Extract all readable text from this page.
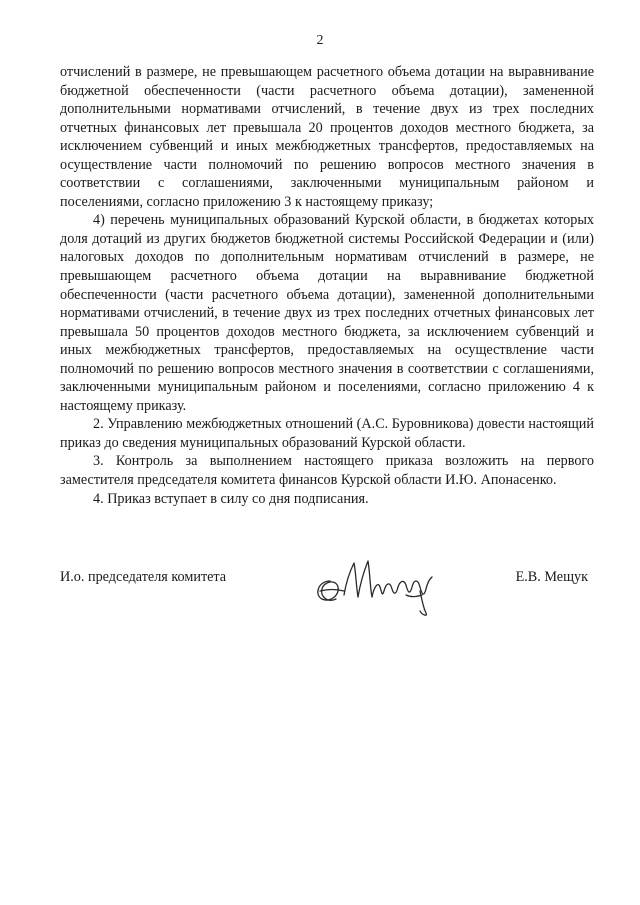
2

отчислений в размере, не превышающем расчетного объема дотации на выравнивание бюджетной обеспеченности (части расчетного объема дотации), замененной дополнительными нормативами отчислений, в течение двух из трех последних отчетных финансовых лет превышала 20 процентов доходов местного бюджета, за исключением субвенций и иных межбюджетных трансфертов, предоставляемых на осуществление части полномочий по решению вопросов местного значения в соответствии с соглашениями, заключенными муниципальным районом и поселениями, согласно приложению 3 к настоящему приказу;

4) перечень муниципальных образований Курской области, в бюджетах которых доля дотаций из других бюджетов бюджетной системы Российской Федерации и (или) налоговых доходов по дополнительным нормативам отчислений в размере, не превышающем расчетного объема дотации на выравнивание бюджетной обеспеченности (части расчетного объема дотации), замененной дополнительными нормативами отчислений, в течение двух из трех последних отчетных финансовых лет превышала 50 процентов доходов местного бюджета, за исключением субвенций и иных межбюджетных трансфертов, предоставляемых на осуществление части полномочий по решению вопросов местного значения в соответствии с соглашениями, заключенными муниципальным районом и поселениями, согласно приложению 4 к настоящему приказу.

2. Управлению межбюджетных отношений (А.С. Буровникова) довести настоящий приказ до сведения муниципальных образований Курской области.

3. Контроль за выполнением настоящего приказа возложить на первого заместителя председателя комитета финансов Курской области И.Ю. Апонасенко.

4. Приказ вступает в силу со дня подписания.

И.о. председателя комитета	Е.В. Мещук
